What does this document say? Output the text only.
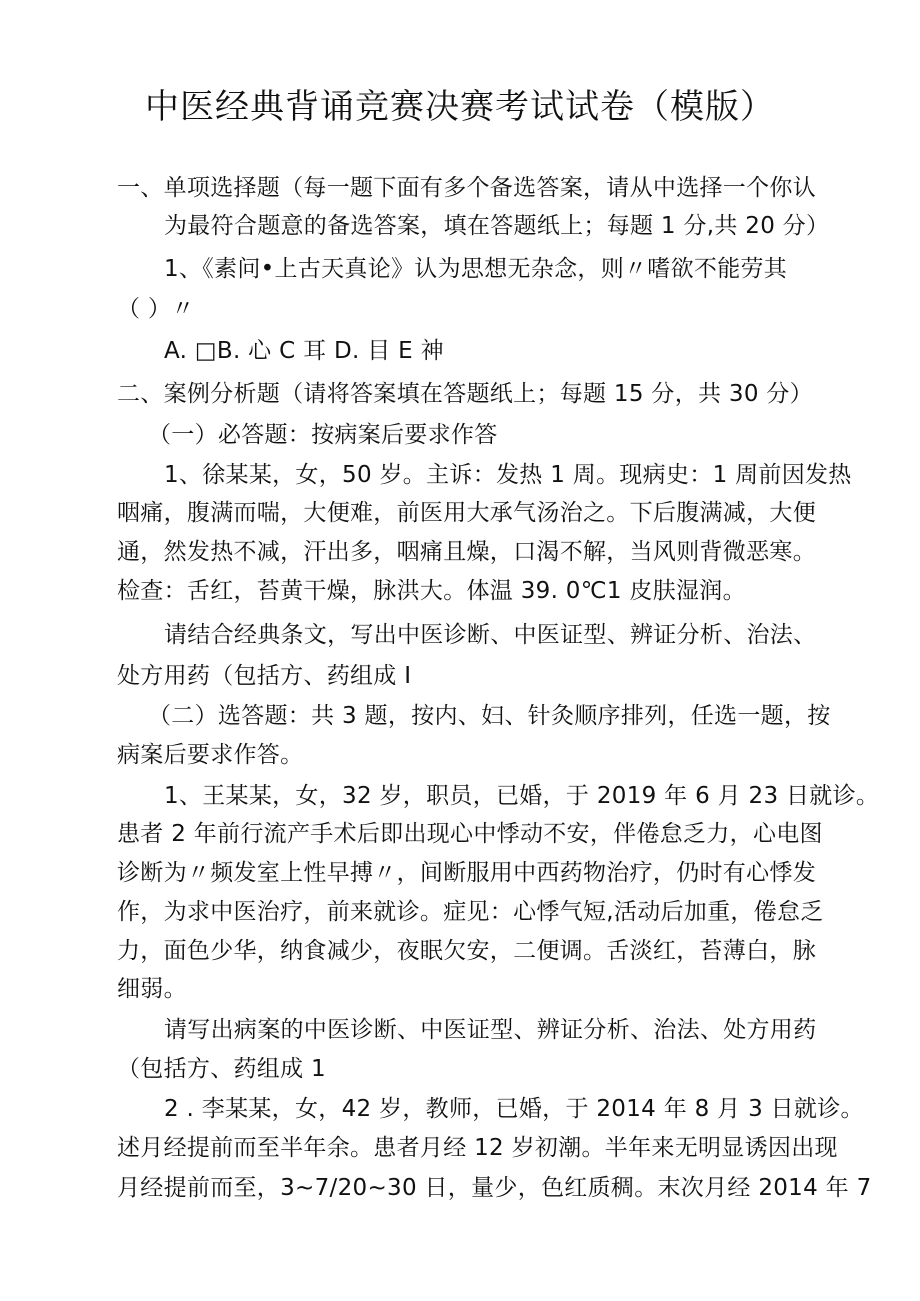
中医经典背诵竞赛决赛考试试卷（模版）
一、单项选择题（每一题下面有多个备选答案，请从中选择一个你认
为最符合题意的备选答案，填在答题纸上；每题 1 分,共 20 分）
1、《素问•上古天真论》认为思想无杂念，则〃嗜欲不能劳其
（ ）〃
A. □B. 心 C 耳 D. 目 E 神
二、案例分析题（请将答案填在答题纸上；每题 15 分，共 30 分）
（一）必答题：按病案后要求作答
1、徐某某，女，50 岁。主诉：发热 1 周。现病史：1 周前因发热
咽痛，腹满而喘，大便难，前医用大承气汤治之。下后腹满减，大便
通，然发热不减，汗出多，咽痛且燥，口渴不解，当风则背微恶寒。
检查：舌红，苔黄干燥，脉洪大。体温 39. 0℃1 皮肤湿润。
请结合经典条文，写出中医诊断、中医证型、辨证分析、治法、
处方用药（包括方、药组成 I
（二）选答题：共 3 题，按内、妇、针灸顺序排列，任选一题，按
病案后要求作答。
1、王某某，女，32 岁，职员，已婚，于 2019 年 6 月 23 日就诊。
患者 2 年前行流产手术后即出现心中悸动不安，伴倦怠乏力，心电图
诊断为〃频发室上性早搏〃，间断服用中西药物治疗，仍时有心悸发
作，为求中医治疗，前来就诊。症见：心悸气短,活动后加重，倦怠乏
力，面色少华，纳食减少，夜眠欠安，二便调。舌淡红，苔薄白，脉
细弱。
请写出病案的中医诊断、中医证型、辨证分析、治法、处方用药
（包括方、药组成 1
2 . 李某某，女，42 岁，教师，已婚，于 2014 年 8 月 3 日就诊。
述月经提前而至半年余。患者月经 12 岁初潮。半年来无明显诱因出现
月经提前而至，3~7/20~30 日，量少，色红质稠。末次月经 2014 年 7
